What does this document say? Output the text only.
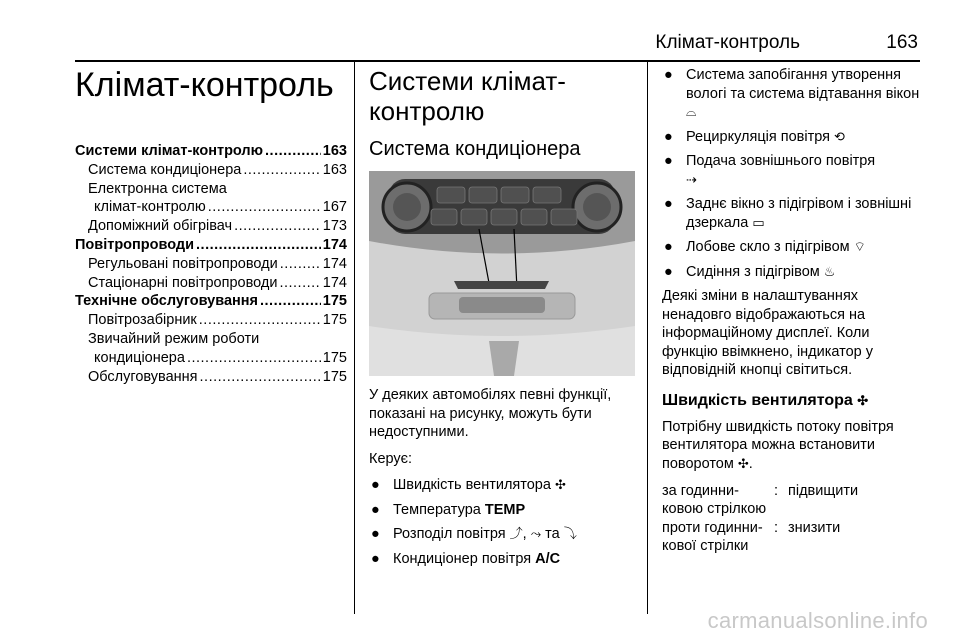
Клімат-контроль	163
Клімат-контроль
Системи клімат-контролю .....	163
Система кондиціонера .....	163
Електронна система
клімат-контролю .....	167
Допоміжний обігрівач .....	173
Повітропроводи .....	174
Регульовані повітропроводи .....	174
Стаціонарні повітропроводи .....	174
Технічне обслуговування .....	175
Повітрозабірник .....	175
Звичайний режим роботи
кондиціонера .....	175
Обслуговування .....	175
Системи клімат-
контролю
Система кондиціонера
У деяких автомобілях певні функції, показані на рисунку, можуть бути недоступними.
Керує:
● Швидкість вентилятора ✣
● Температура TEMP
● Розподіл повітря ⤴, ⤳ та ⤵
● Кондиціонер повітря A/C
● Система запобігання утворення вологі та система відтавання вікон ⌓
● Рециркуляція повітря ⟲
● Подача зовнішнього повітря
⇢
● Заднє вікно з підігрівом і зовнішні дзеркала ▭
● Лобове скло з підігрівом ⌔
● Сидіння з підігрівом ♨
Деякі зміни в налаштуваннях ненадовго відображаються на інформаційному дисплеї. Коли функцію ввімкнено, індикатор у відповідній кнопці світиться.
Швидкість вентилятора ✣
Потрібну швидкість потоку повітря вентилятора можна встановити поворотом ✣.
за годинни-ковою стрілкою
: підвищити
проти годинни-кової стрілки
: знизити
carmanualsonline.info
